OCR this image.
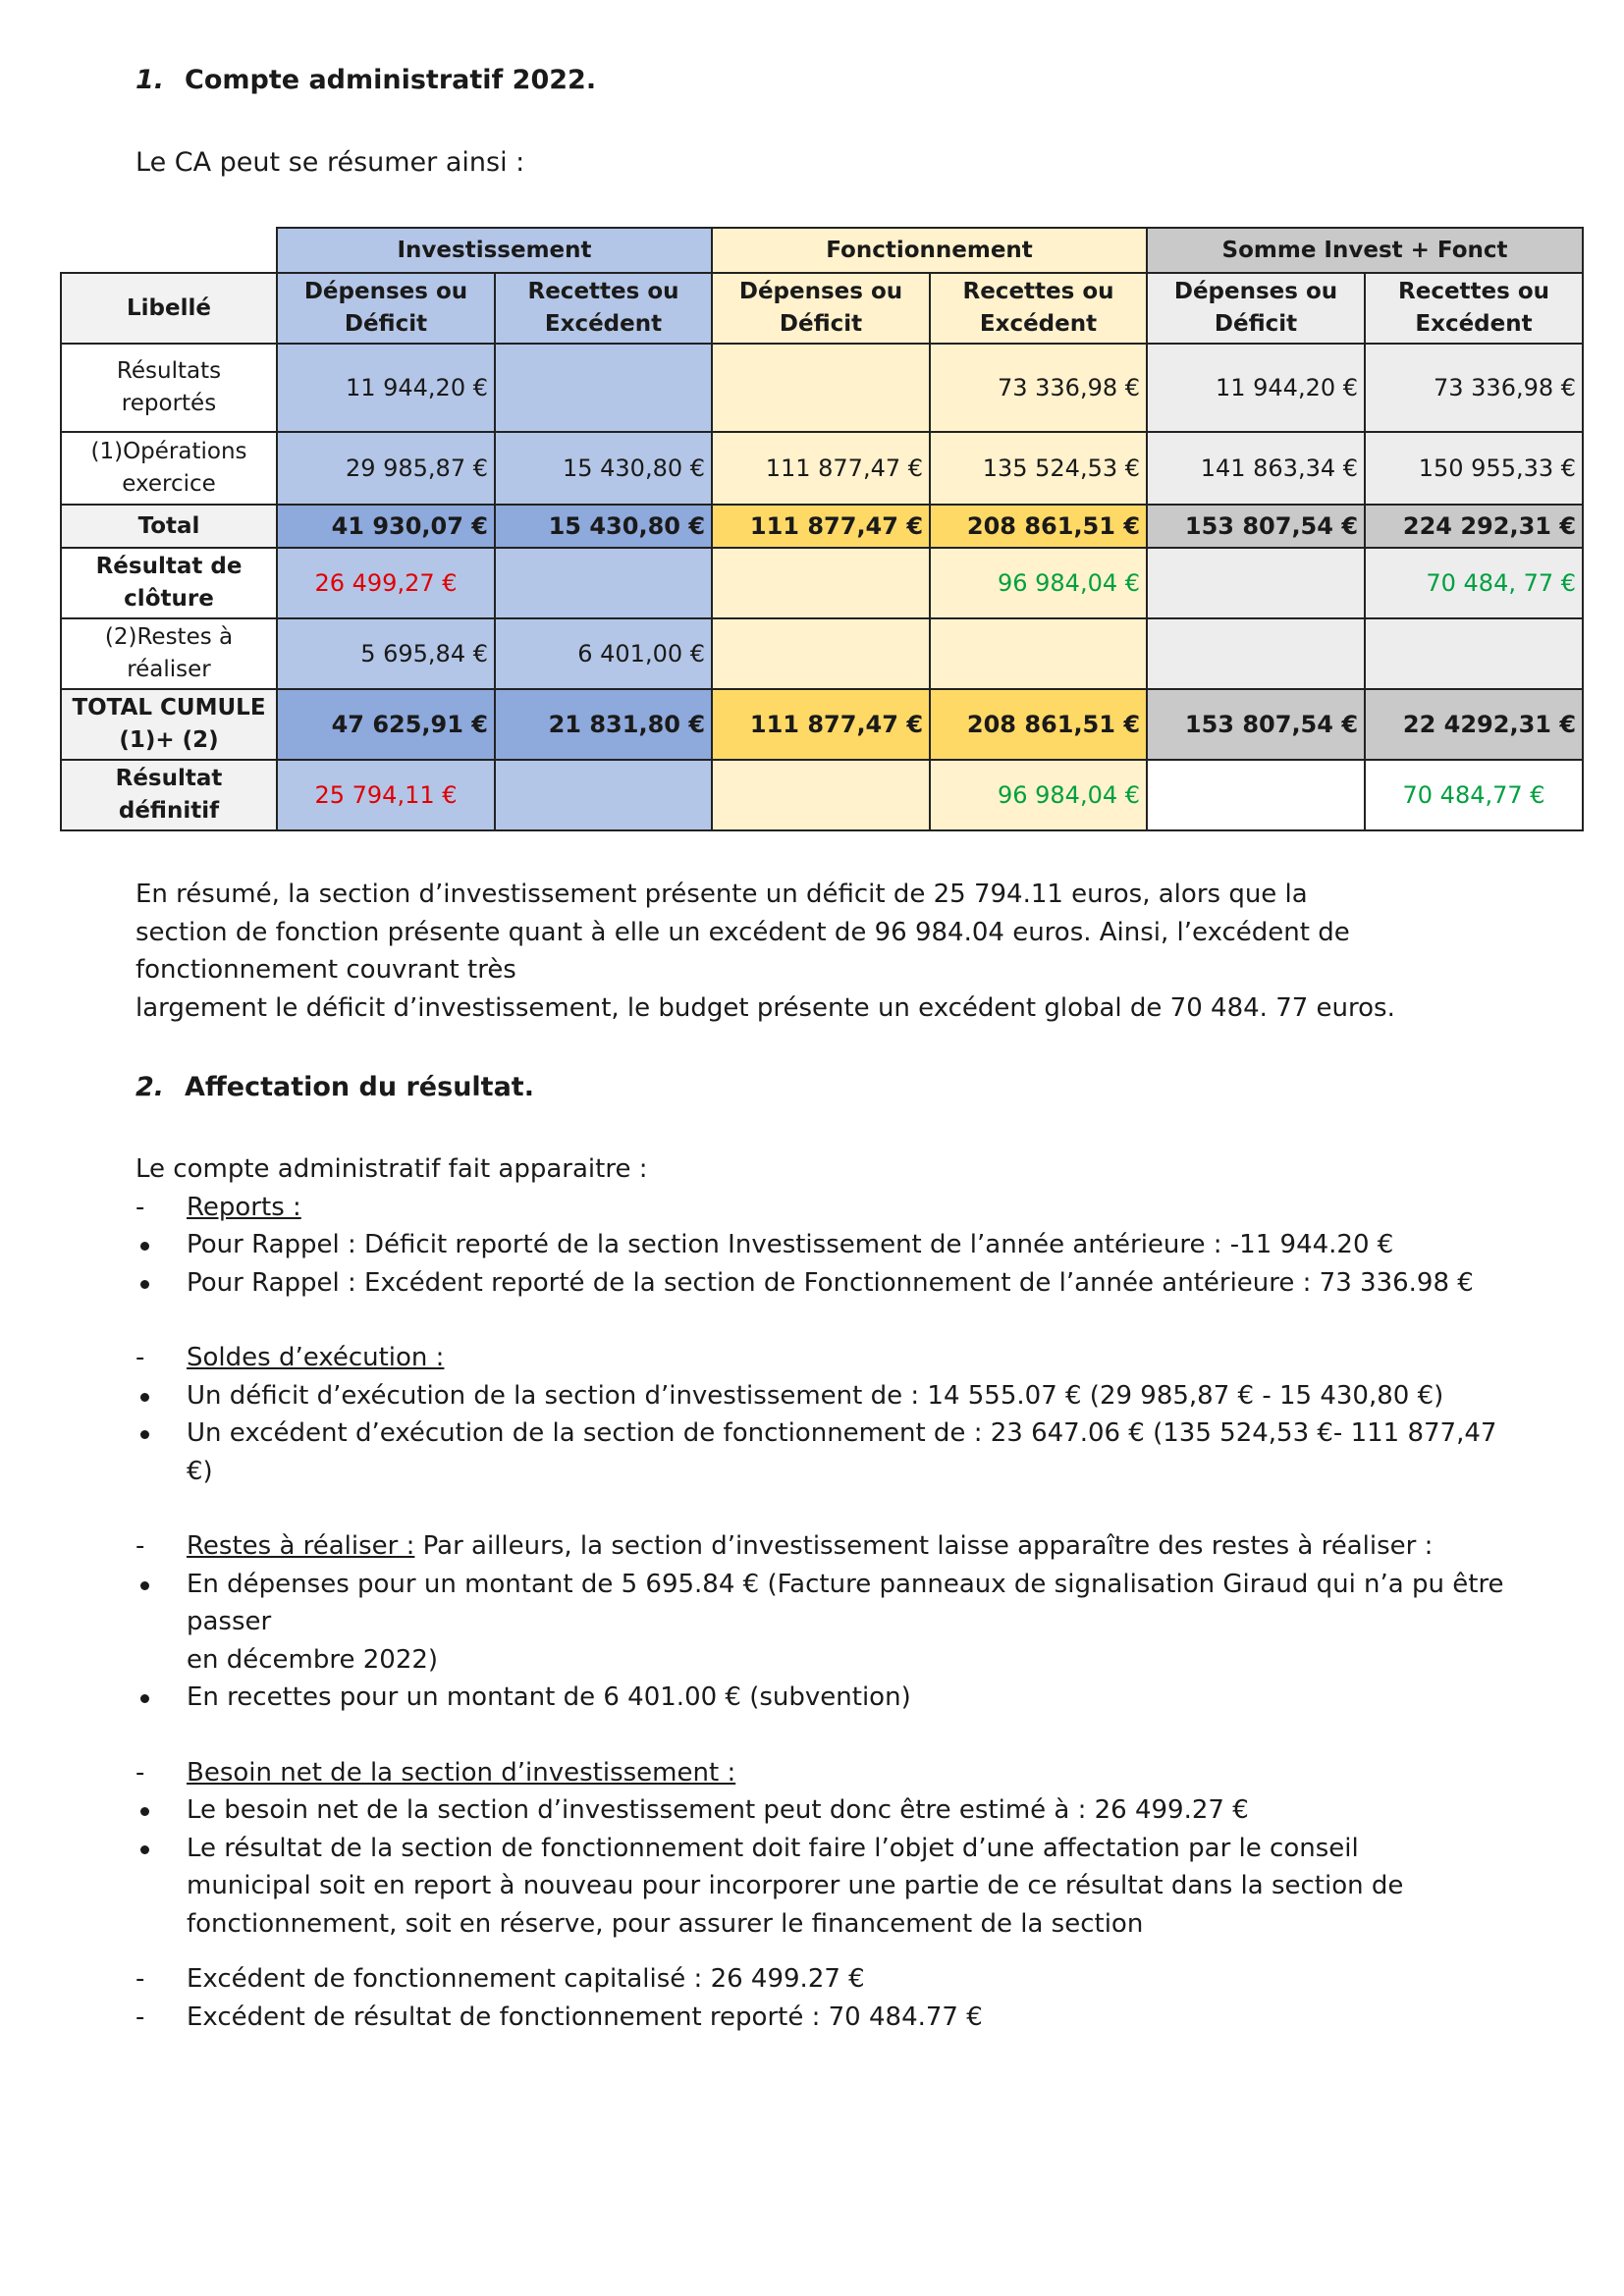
1. Compte administratif 2022.
Le CA peut se résumer ainsi :
	Investissement		Fonctionnement		Somme Invest + Fonct	
Libellé	Dépenses ou Déficit	Recettes ou Excédent	Dépenses ou Déficit	Recettes ou Excédent	Dépenses ou Déficit	Recettes ou Excédent
Résultats reportés	11 944,20 €			73 336,98 €	11 944,20 €	73 336,98 €
(1)Opérations exercice	29 985,87 €	15 430,80 €	111 877,47 €	135 524,53 €	141 863,34 €	150 955,33 €
Total	41 930,07 €	15 430,80 €	111 877,47 €	208 861,51 €	153 807,54 €	224 292,31 €
Résultat de clôture	26 499,27 €			96 984,04 €		70 484, 77 €
(2)Restes à réaliser	5 695,84 €	6 401,00 €				
TOTAL CUMULE (1)+ (2)	47 625,91 €	21 831,80 €	111 877,47 €	208 861,51 €	153 807,54 €	22 4292,31 €
Résultat définitif	25 794,11 €			96 984,04 €		70 484,77 €
En résumé, la section d’investissement présente un déficit de 25 794.11 euros, alors que la
section de fonction présente quant à elle un excédent de 96 984.04 euros. Ainsi, l’excédent de
fonctionnement couvrant très
largement le déficit d’investissement, le budget présente un excédent global de 70 484. 77 euros.
2. Affectation du résultat.
Le compte administratif fait apparaitre :
-	Reports :
Pour Rappel : Déficit reporté de la section Investissement de l’année antérieure : -11 944.20 €
Pour Rappel : Excédent reporté de la section de Fonctionnement de l’année antérieure : 73 336.98 €
-	Soldes d’exécution :
Un déficit d’exécution de la section d’investissement de : 14 555.07 € (29 985,87 € - 15 430,80 €)
Un excédent d’exécution de la section de fonctionnement de : 23 647.06 € (135 524,53 €- 111 877,47
€)
-	Restes à réaliser : Par ailleurs, la section d’investissement laisse apparaître des restes à réaliser :
En dépenses pour un montant de 5 695.84 € (Facture panneaux de signalisation Giraud qui n’a pu être
passer
en décembre 2022)
En recettes pour un montant de 6 401.00 € (subvention)
-	Besoin net de la section d’investissement :
Le besoin net de la section d’investissement peut donc être estimé à : 26 499.27 €
Le résultat de la section de fonctionnement doit faire l’objet d’une affectation par le conseil
municipal soit en report à nouveau pour incorporer une partie de ce résultat dans la section de
fonctionnement, soit en réserve, pour assurer le financement de la section
-	Excédent de fonctionnement capitalisé : 26 499.27 €
-	Excédent de résultat de fonctionnement reporté : 70 484.77 €
